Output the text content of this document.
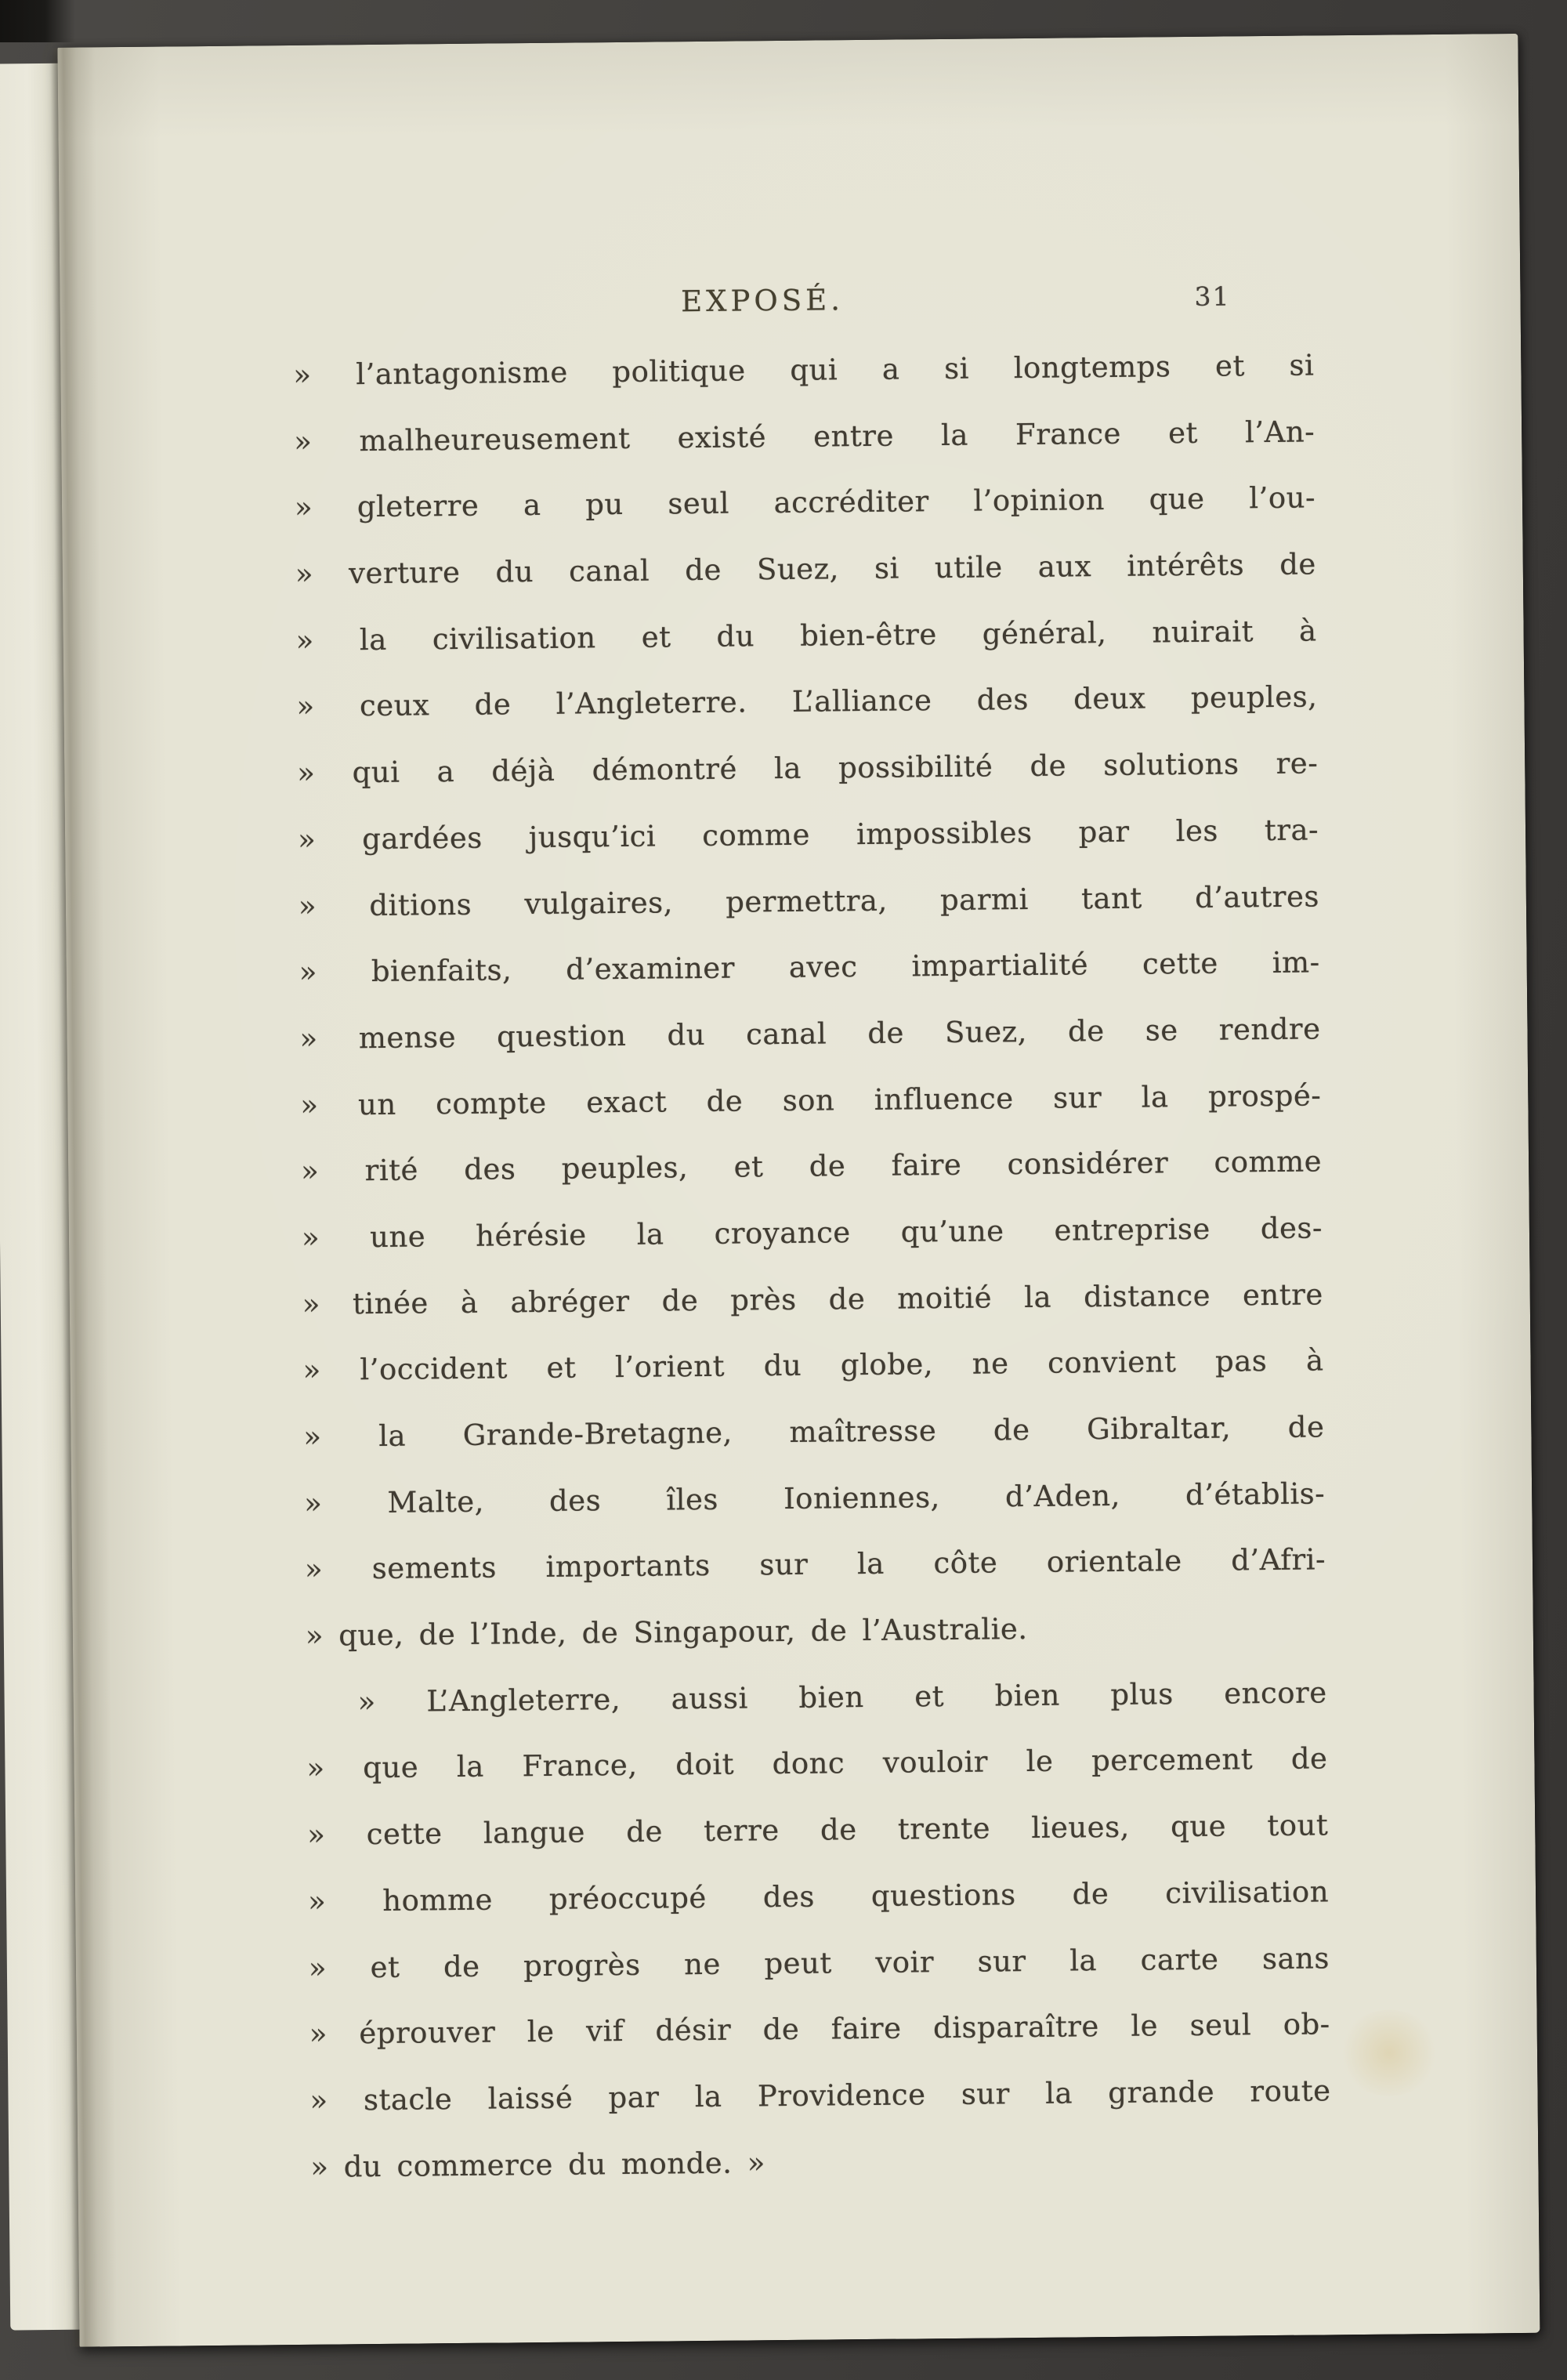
EXPOSÉ.	31
» l’antagonisme politique qui a si longtemps et si
» malheureusement existé entre la France et l’An-
» gleterre a pu seul accréditer l’opinion que l’ou-
» verture du canal de Suez, si utile aux intérêts de
» la civilisation et du bien-être général, nuirait à
» ceux de l’Angleterre. L’alliance des deux peuples,
» qui a déjà démontré la possibilité de solutions re-
» gardées jusqu’ici comme impossibles par les tra-
» ditions vulgaires, permettra, parmi tant d’autres
» bienfaits, d’examiner avec impartialité cette im-
» mense question du canal de Suez, de se rendre
» un compte exact de son influence sur la prospé-
» rité des peuples, et de faire considérer comme
» une hérésie la croyance qu’une entreprise des-
» tinée à abréger de près de moitié la distance entre
» l’occident et l’orient du globe, ne convient pas à
» la Grande-Bretagne, maîtresse de Gibraltar, de
» Malte, des îles Ioniennes, d’Aden, d’établis-
» sements importants sur la côte orientale d’Afri-
» que, de l’Inde, de Singapour, de l’Australie.
» L’Angleterre, aussi bien et bien plus encore
» que la France, doit donc vouloir le percement de
» cette langue de terre de trente lieues, que tout
» homme préoccupé des questions de civilisation
» et de progrès ne peut voir sur la carte sans
» éprouver le vif désir de faire disparaître le seul ob-
» stacle laissé par la Providence sur la grande route
» du commerce du monde. »
